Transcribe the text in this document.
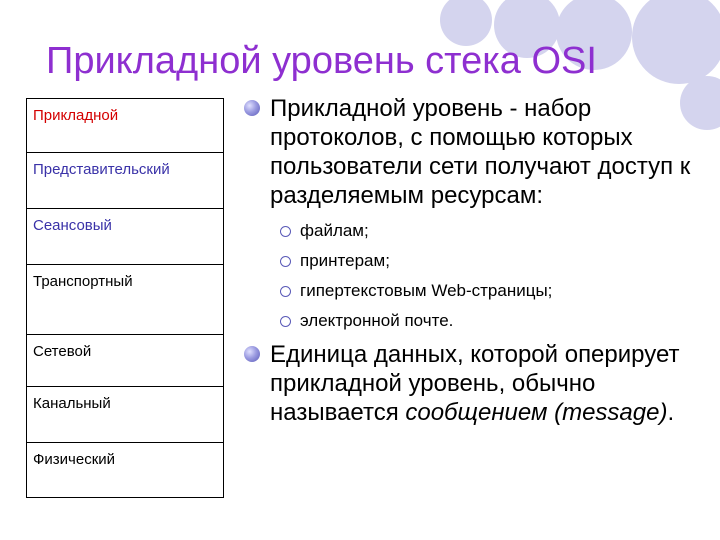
Прикладной уровень стека OSI
Прикладной
Представительский
Сеансовый
Транспортный
Сетевой
Канальный
Физический
Прикладной уровень - набор протоколов, с помощью которых пользователи сети получают доступ к разделяемым ресурсам:
файлам;
принтерам;
гипертекстовым Web-страницы;
электронной почте.
Единица данных, которой оперирует прикладной уровень, обычно называется сообщением (message).
